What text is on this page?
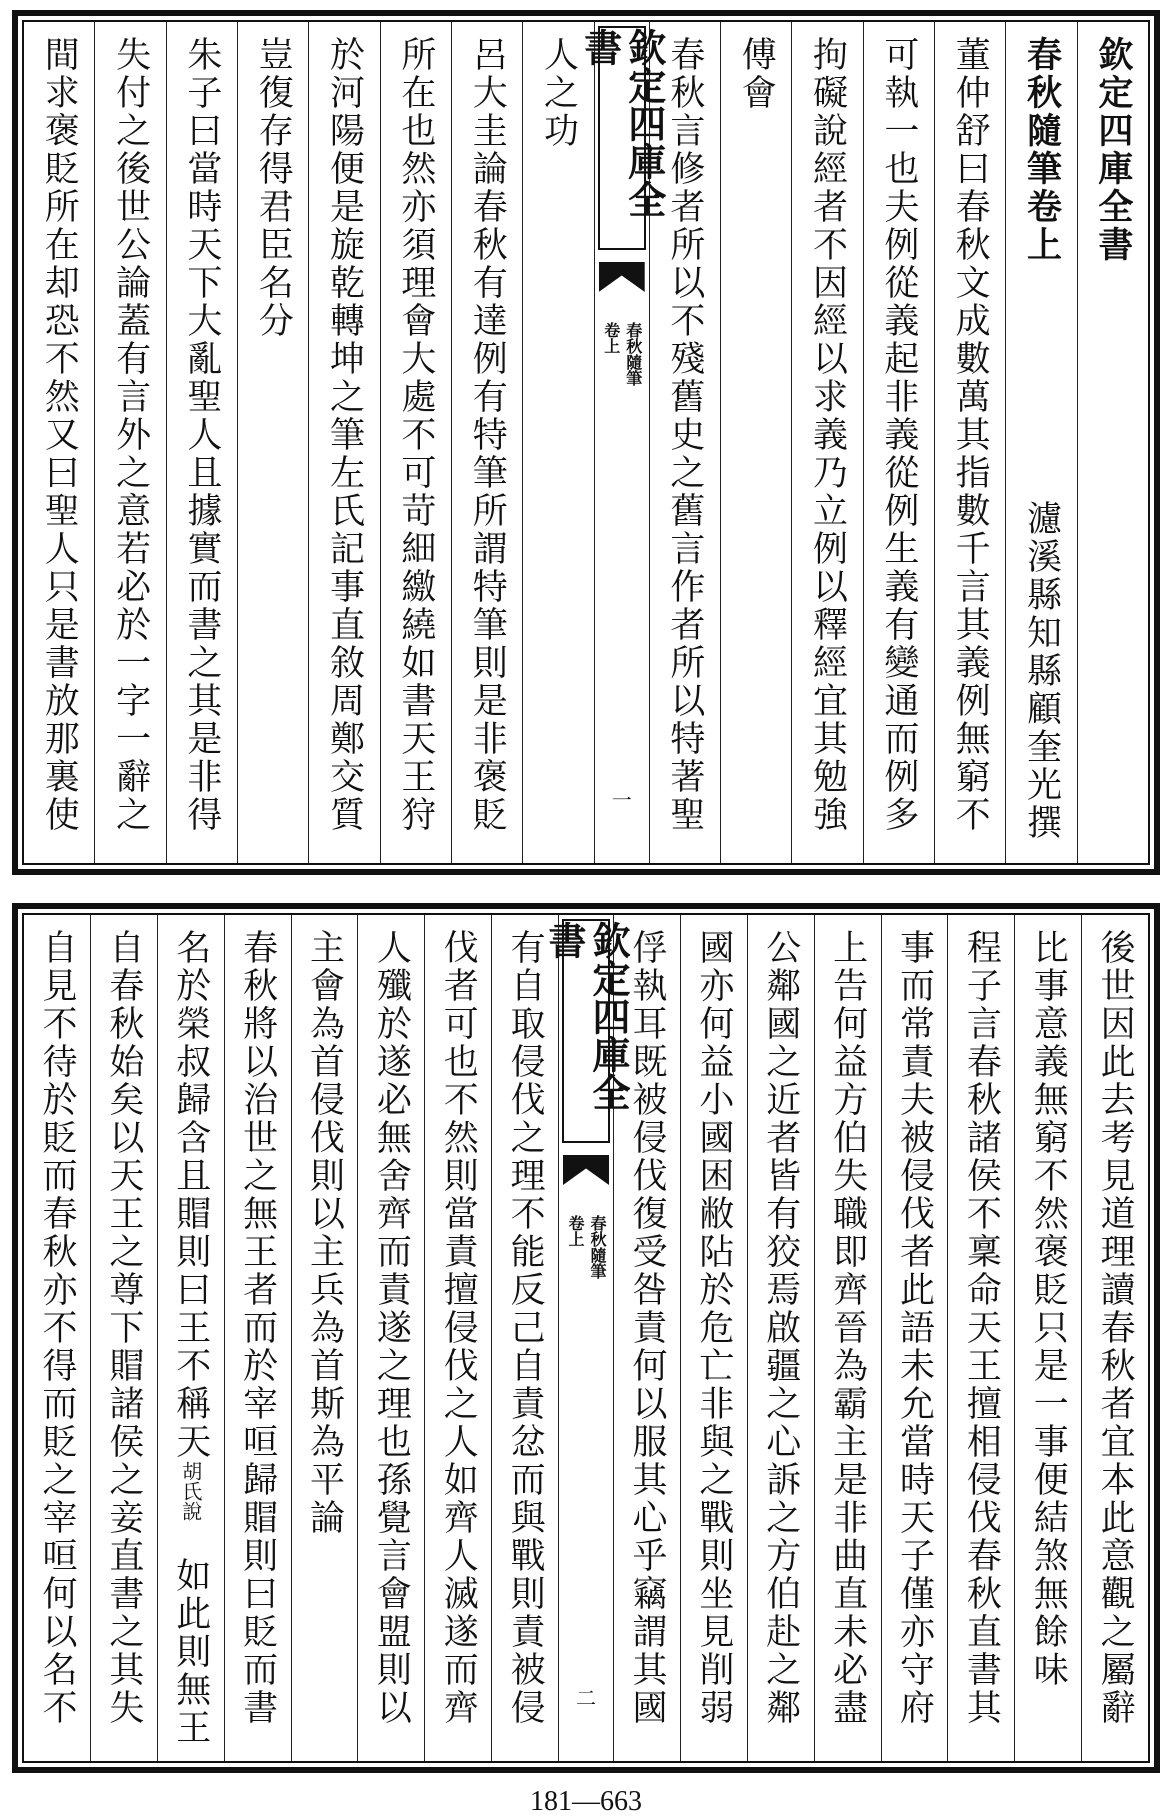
欽定四庫全書
春秋隨筆卷上
濾溪縣知縣顧奎光撰
董仲舒曰春秋文成數萬其指數千言其義例無窮不
可執一也夫例從義起非義從例生義有變通而例多
拘礙說經者不因經以求義乃立例以釋經宜其勉強
傅會
春秋言修者所以不殘舊史之舊言作者所以特著聖
欽定四庫全書
卷上 春秋隨筆
一
人之功
呂大圭論春秋有達例有特筆所謂特筆則是非褒貶
所在也然亦須理會大處不可苛細繳繞如書天王狩
於河陽便是旋乾轉坤之筆左氏記事直敘周鄭交質
豈復存得君臣名分
朱子曰當時天下大亂聖人且據實而書之其是非得
失付之後世公論蓋有言外之意若必於一字一辭之
間求褒貶所在却恐不然又曰聖人只是書放那裏使
後世因此去考見道理讀春秋者宜本此意觀之屬辭
比事意義無窮不然褒貶只是一事便結煞無餘味
程子言春秋諸侯不稟命天王擅相侵伐春秋直書其
事而常責夫被侵伐者此語未允當時天子僅亦守府
上告何益方伯失職即齊晉為霸主是非曲直未必盡
公鄰國之近者皆有狡焉啟疆之心訴之方伯赴之鄰
國亦何益小國困敝阽於危亡非與之戰則坐見削弱
俘執耳既被侵伐復受咎責何以服其心乎竊謂其國
欽定四庫全書
卷上 春秋隨筆
二
有自取侵伐之理不能反己自責忿而與戰則責被侵
伐者可也不然則當責擅侵伐之人如齊人滅遂而齊
人殲於遂必無舍齊而責遂之理也孫覺言會盟則以
主會為首侵伐則以主兵為首斯為平論
春秋將以治世之無王者而於宰咺歸賵則曰貶而書
名於榮叔歸含且賵則曰王不稱天
胡氏說
如此則無王
自春秋始矣以天王之尊下賵諸侯之妾直書之其失
自見不待於貶而春秋亦不得而貶之宰咺何以名不
181—663
